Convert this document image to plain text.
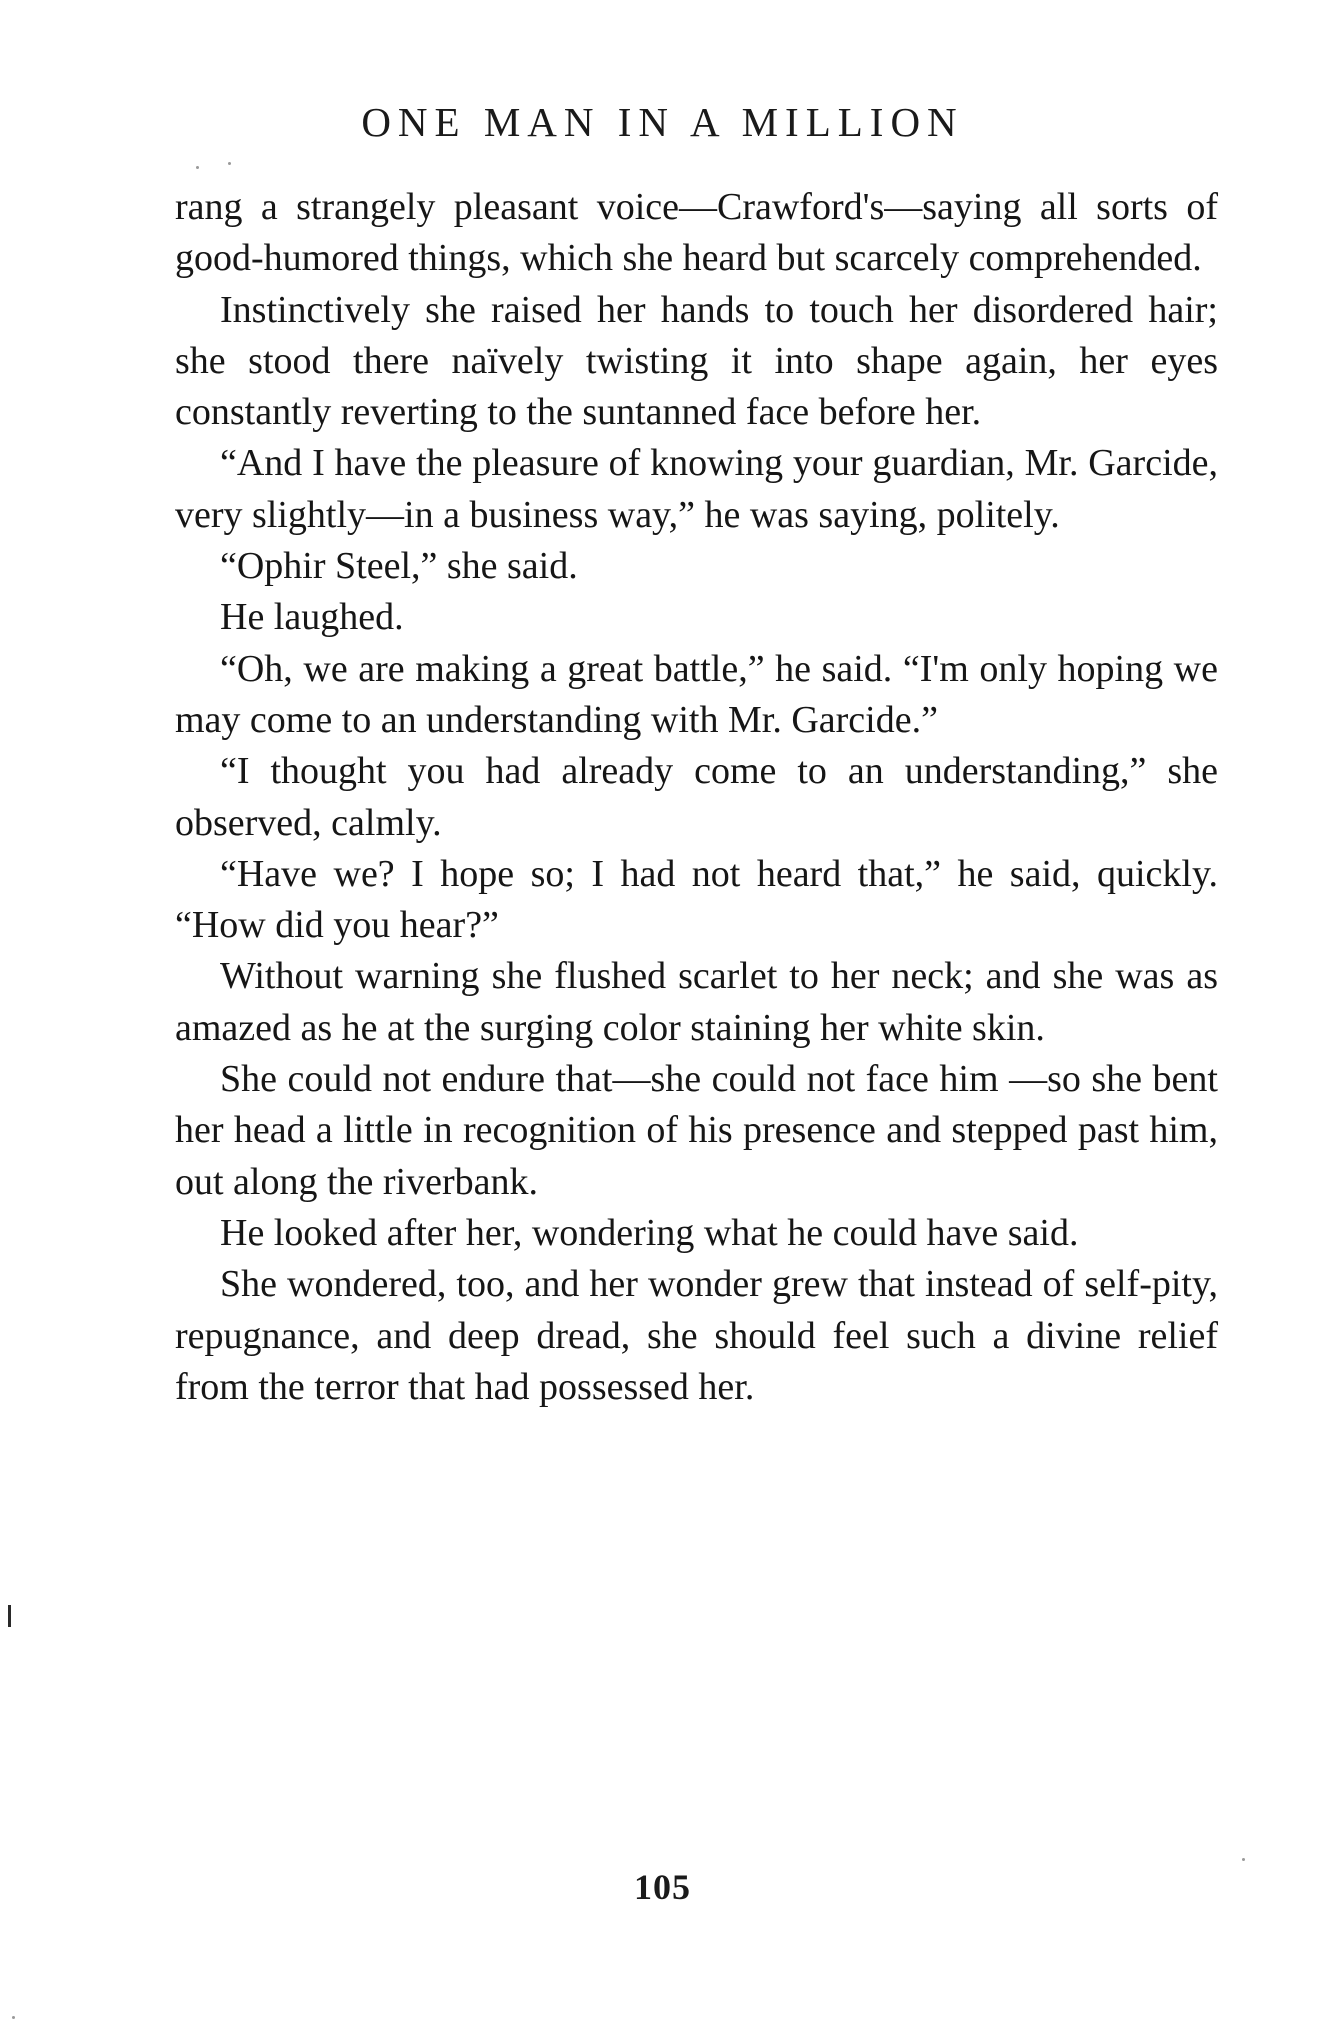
ONE MAN IN A MILLION

rang a strangely pleasant voice—Crawford's—saying all sorts of good-humored things, which she heard but scarcely comprehended.

Instinctively she raised her hands to touch her disordered hair; she stood there naïvely twisting it into shape again, her eyes constantly reverting to the suntanned face before her.

“And I have the pleasure of knowing your guardian, Mr. Garcide, very slightly—in a business way,” he was saying, politely.

“Ophir Steel,” she said.

He laughed.

“Oh, we are making a great battle,” he said. “I'm only hoping we may come to an understanding with Mr. Garcide.”

“I thought you had already come to an understanding,” she observed, calmly.

“Have we? I hope so; I had not heard that,” he said, quickly. “How did you hear?”

Without warning she flushed scarlet to her neck; and she was as amazed as he at the surging color staining her white skin.

She could not endure that—she could not face him —so she bent her head a little in recognition of his presence and stepped past him, out along the riverbank.

He looked after her, wondering what he could have said.

She wondered, too, and her wonder grew that instead of self-pity, repugnance, and deep dread, she should feel such a divine relief from the terror that had possessed her.

105
